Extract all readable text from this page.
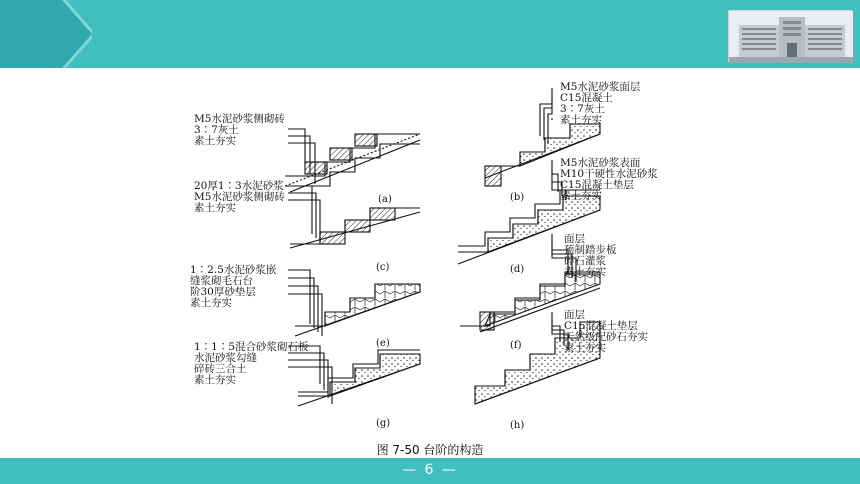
M5水泥砂浆侧砌砖
3∶7灰土
素土夯实
(a)
20厚1∶3水泥砂浆
M5水泥砂浆侧砌砖
素土夯实
(c)
1∶2.5水泥砂浆嵌
缝浆砌毛石台
阶30厚砂垫层
素土夯实
(e)
1∶1∶5混合砂浆砌石板
水泥砂浆勾缝
碎砖三合土
素土夯实
(g)
M5水泥砂浆面层
C15混凝土
3∶7灰土
素土夯实
(b)
M5水泥砂浆表面
M10干硬性水泥砂浆
C15混凝土垫层
素土夯实
(d)
面层
预制踏步板
碎石灌浆
素土夯实
(f)
面层
C15混凝土垫层
天然级配砂石夯实
素土夯实
(h)
图 7-50 台阶的构造
— 6 —
